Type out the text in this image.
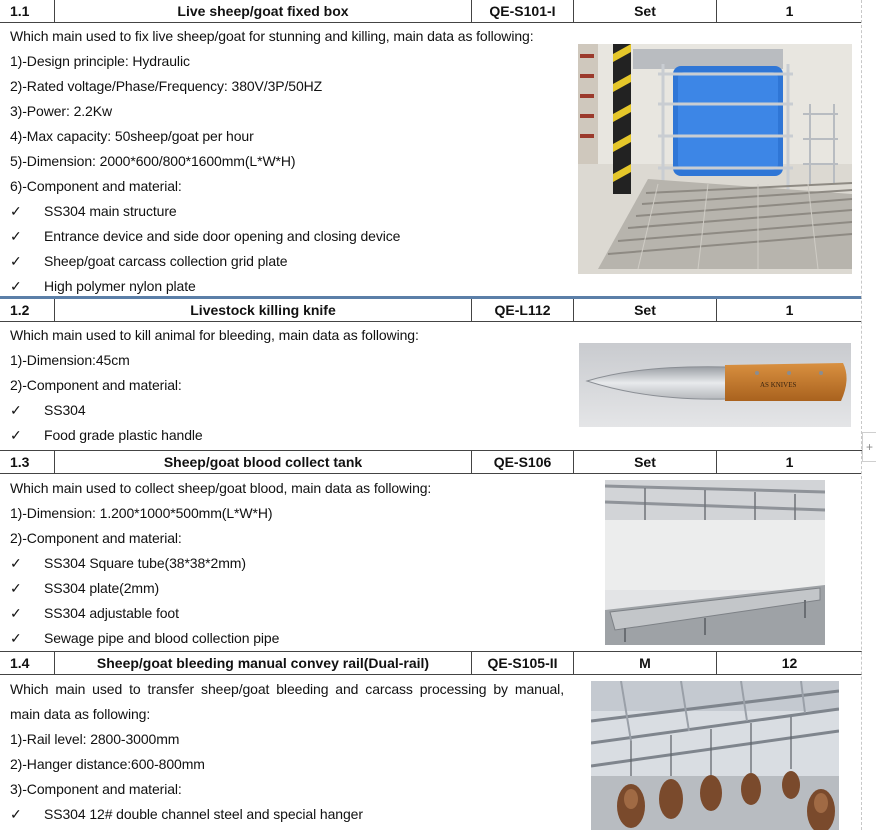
1.1	Live sheep/goat fixed box	QE-S101-I	Set	1
Which main used to fix live sheep/goat for stunning and killing, main data as following:
1)-Design principle: Hydraulic
2)-Rated voltage/Phase/Frequency: 380V/3P/50HZ
3)-Power: 2.2Kw
4)-Max capacity: 50sheep/goat per hour
5)-Dimension: 2000*600/800*1600mm(L*W*H)
6)-Component and material:
✓	SS304 main structure
✓	Entrance device and side door opening and closing device
✓	Sheep/goat carcass collection grid plate
✓	High polymer nylon plate
1.2	Livestock killing knife	QE-L112	Set	1
Which main used to kill animal for bleeding, main data as following:
1)-Dimension:45cm
2)-Component and material:
✓	SS304
✓	Food grade plastic handle
AS KNIVES
1.3	Sheep/goat blood collect tank	QE-S106	Set	1
Which main used to collect sheep/goat blood, main data as following:
1)-Dimension: 1.200*1000*500mm(L*W*H)
2)-Component and material:
✓	SS304 Square tube(38*38*2mm)
✓	SS304 plate(2mm)
✓	SS304 adjustable foot
✓	Sewage pipe and blood collection pipe
1.4	Sheep/goat bleeding manual convey rail(Dual-rail)	QE-S105-II	M	12
Which main used to transfer sheep/goat bleeding and carcass processing by manual,
main data as following:
1)-Rail level: 2800-3000mm
2)-Hanger distance:600-800mm
3)-Component and material:
✓	SS304 12# double channel steel and special hanger
+
